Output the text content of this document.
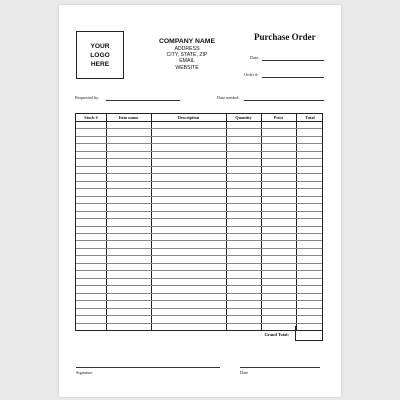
YOUR
LOGO
HERE
COMPANY NAME
ADDRESS
CITY, STATE, ZIP
EMAIL
WEBSITE
Purchase Order
Date:
Order #:
Requested by:	Date needed:
Stock #	Item name	Description	Quantity	Price	Total
Grand Total:
Signature	Date
